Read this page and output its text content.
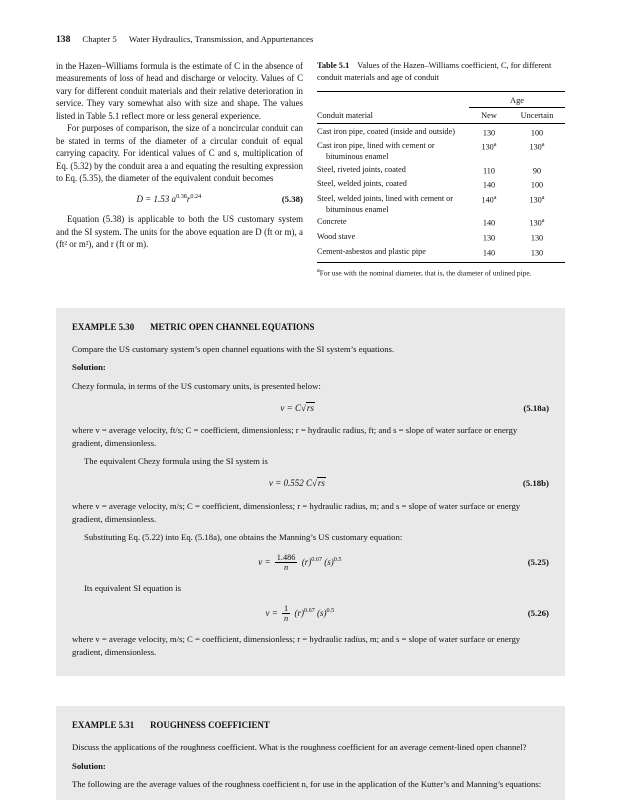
138 Chapter 5 Water Hydraulics, Transmission, and Appurtenances

in the Hazen–Williams formula is the estimate of C in the absence of measurements of loss of head and discharge or velocity. Values of C vary for different conduit materials and their relative deterioration in service. They vary somewhat also with size and shape. The values listed in Table 5.1 reflect more or less general experience.

For purposes of comparison, the size of a noncircular conduit can be stated in terms of the diameter of a circular conduit of equal carrying capacity. For identical values of C and s, multiplication of Eq. (5.32) by the conduit area a and equating the resulting expression to Eq. (5.35), the diameter of the equivalent conduit becomes

D = 1.53 $a^{0.38}r^{0.24}$	(5.38)

Equation (5.38) is applicable to both the US customary system and the SI system. The units for the above equation are D (ft or m), a (ft² or m²), and r (ft or m).

Table 5.1 Values of the Hazen–Williams coefficient, C, for different conduit materials and age of conduit
	Age	
Conduit material	New	Uncertain
Cast iron pipe, coated (inside and outside)	130	100
Cast iron pipe, lined with cement or bituminous enamel	130$^a$	130$^a$
Steel, riveted joints, coated	110	90
Steel, welded joints, coated	140	100
Steel, welded joints, lined with cement or bituminous enamel	140$^a$	130$^a$
Concrete	140	130$^a$
Wood stave	130	130
Cement-asbestos and plastic pipe	140	130
$^a$For use with the nominal diameter, that is, the diameter of unlined pipe.
EXAMPLE 5.30 METRIC OPEN CHANNEL EQUATIONS

Compare the US customary system’s open channel equations with the SI system’s equations.

Solution:

Chezy formula, in terms of the US customary units, is presented below:

v = C√rs	(5.18a)

where v = average velocity, ft/s; C = coefficient, dimensionless; r = hydraulic radius, ft; and s = slope of water surface or energy gradient, dimensionless.

The equivalent Chezy formula using the SI system is

v = 0.552 C√rs	(5.18b)

where v = average velocity, m/s; C = coefficient, dimensionless; r = hydraulic radius, m; and s = slope of water surface or energy gradient, dimensionless.

Substituting Eq. (5.22) into Eq. (5.18a), one obtains the Manning’s US customary equation:

$v = \frac{1.486}{n} (r)^{0.67}$ $(s)^{0.5}$	(5.25)

Its equivalent SI equation is

$v = \frac{1}{n} (r)^{0.67}$ $(s)^{0.5}$	(5.26)

where v = average velocity, m/s; C = coefficient, dimensionless; r = hydraulic radius, m; and s = slope of water surface or energy gradient, dimensionless.

EXAMPLE 5.31 ROUGHNESS COEFFICIENT

Discuss the applications of the roughness coefficient. What is the roughness coefficient for an average cement-lined open channel?

Solution:

The following are the average values of the roughness coefficient n, for use in the application of the Kutter’s and Manning’s equations:
